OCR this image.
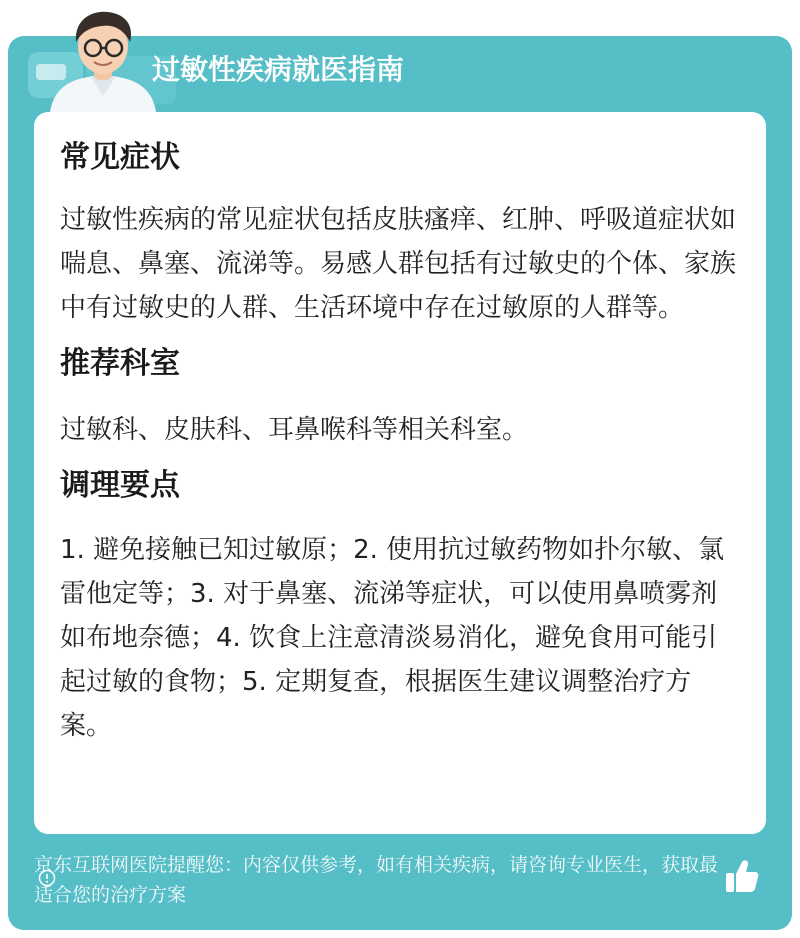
过敏性疾病就医指南

常见症状

过敏性疾病的常见症状包括皮肤瘙痒、红肿、呼吸道症状如喘息、鼻塞、流涕等。易感人群包括有过敏史的个体、家族中有过敏史的人群、生活环境中存在过敏原的人群等。

推荐科室

过敏科、皮肤科、耳鼻喉科等相关科室。

调理要点

1. 避免接触已知过敏原；2. 使用抗过敏药物如扑尔敏、氯雷他定等；3. 对于鼻塞、流涕等症状，可以使用鼻喷雾剂如布地奈德；4. 饮食上注意清淡易消化，避免食用可能引起过敏的食物；5. 定期复查，根据医生建议调整治疗方案。

京东互联网医院提醒您：内容仅供参考，如有相关疾病，请咨询专业医生，获取最适合您的治疗方案
